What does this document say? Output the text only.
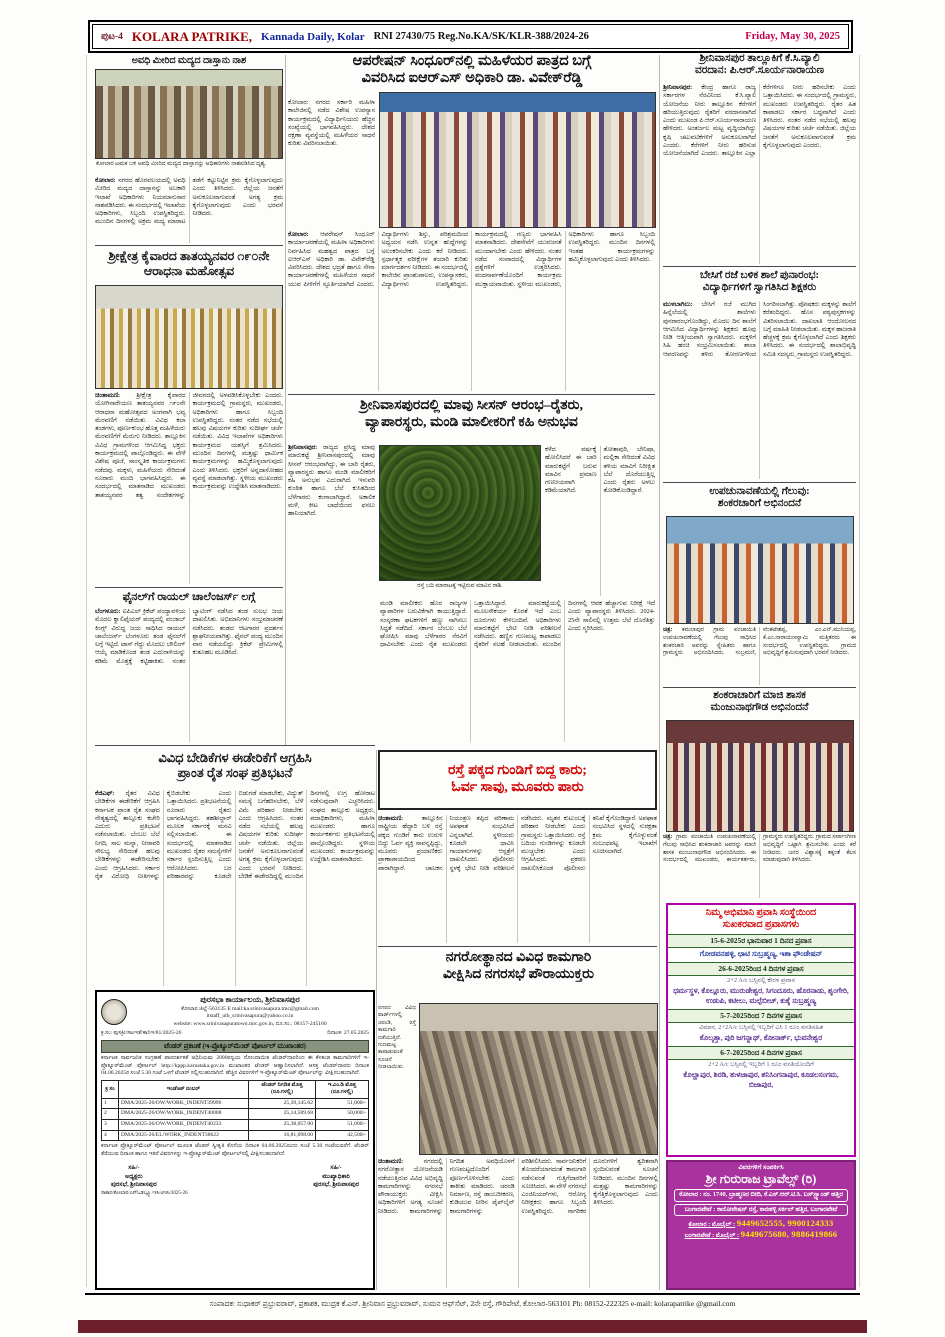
ಪುಟ-4 KOLARA PATRIKE, Kannada Daily, Kolar RNI 27430/75 Reg.No.KA/SK/KLR-388/2024-26	Friday, May 30, 2025
ಅವಧಿ ಮೀರಿದ ಮದ್ಯದ ದಾಸ್ತಾನು ನಾಶ
ಕೋಲಾರ ಟಮಕ ಬಳಿ ಅವಧಿ ಮೀರಿದ ಮದ್ಯದ ದಾಸ್ತಾನನ್ನು ಅಧಿಕಾರಿಗಳು ನಾಶಪಡಿಸಿದ ದೃಶ್ಯ.
ಕೋಲಾರ: ನಗರದ ಹೊರವಲಯದಲ್ಲಿ ಅವಧಿ ಮೀರಿದ ಮದ್ಯದ ದಾಸ್ತಾನನ್ನು ಅಬಕಾರಿ ಇಲಾಖೆ ಅಧಿಕಾರಿಗಳು ನಿಯಮಾನುಸಾರ ನಾಶಪಡಿಸಿದರು. ಈ ಸಂದರ್ಭದಲ್ಲಿ ಇಲಾಖೆಯ ಅಧಿಕಾರಿಗಳು, ಸಿಬ್ಬಂದಿ ಉಪಸ್ಥಿತರಿದ್ದರು. ಮುಂದಿನ ದಿನಗಳಲ್ಲಿ ಅಕ್ರಮ ಮದ್ಯ ಮಾರಾಟ ತಡೆಗೆ ಕಟ್ಟುನಿಟ್ಟಿನ ಕ್ರಮ ಕೈಗೊಳ್ಳಲಾಗುವುದು ಎಂದು ತಿಳಿಸಿದರು. ಜಿಲ್ಲೆಯ ಜನತೆಗೆ ಅನುಕೂಲವಾಗುವಂತೆ ಅಗತ್ಯ ಕ್ರಮ ಕೈಗೊಳ್ಳಲಾಗುವುದು ಎಂದು ಭರವಸೆ ನೀಡಿದರು.
ಶ್ರೀಕ್ಷೇತ್ರ ಕೈವಾರದ ತಾತಯ್ಯನವರ ೧೯೦ನೇ ಆರಾಧನಾ ಮಹೋತ್ಸವ
ಚಿಂತಾಮಣಿ: ಶ್ರೀಕ್ಷೇತ್ರ ಕೈವಾರದ ಯೋಗಿನಾರೇಯಣ ತಾತಯ್ಯನವರ ೧೯೦ನೇ ಆರಾಧನಾ ಮಹೋತ್ಸವದ ಅಂಗವಾಗಿ ಭವ್ಯ ಮೆರವಣಿಗೆ ನಡೆಯಿತು. ವಿವಿಧ ಕಲಾ ತಂಡಗಳು, ಪೂರ್ಣಕುಂಭ ಹೊತ್ತ ಮಹಿಳೆಯರು ಮೆರವಣಿಗೆಗೆ ಮೆರುಗು ನೀಡಿದರು. ತಾಲ್ಲೂಕಿನ ವಿವಿಧ ಗ್ರಾಮಗಳಿಂದ ಆಗಮಿಸಿದ್ದ ಭಕ್ತರು ಕಾರ್ಯಕ್ರಮದಲ್ಲಿ ಪಾಲ್ಗೊಂಡಿದ್ದರು. ಈ ವೇಳೆ ವಿಶೇಷ ಪೂಜೆ, ಸಾಂಸ್ಕೃತಿಕ ಕಾರ್ಯಕ್ರಮಗಳು ನಡೆದವು. ಮಕ್ಕಳು, ಮಹಿಳೆಯರು ಸೇರಿದಂತೆ ನೂರಾರು ಮಂದಿ ಭಾಗವಹಿಸಿದ್ದರು. ಈ ಸಂದರ್ಭದಲ್ಲಿ ಮಾತನಾಡಿದ ಮುಖಂಡರು ತಾತಯ್ಯನವರ ತತ್ವ ಸಂದೇಶಗಳನ್ನು ಜೀವನದಲ್ಲಿ ಅಳವಡಿಸಿಕೊಳ್ಳಬೇಕು ಎಂದರು. ಕಾರ್ಯಕ್ರಮದಲ್ಲಿ ಗ್ರಾಮಸ್ಥರು, ಮುಖಂಡರು, ಅಧಿಕಾರಿಗಳು ಹಾಗೂ ಸಿಬ್ಬಂದಿ ಉಪಸ್ಥಿತರಿದ್ದರು. ನಂತರ ನಡೆದ ಸಭೆಯಲ್ಲಿ ಹಲವು ವಿಷಯಗಳ ಕುರಿತು ಸುದೀರ್ಘ ಚರ್ಚೆ ನಡೆಯಿತು. ವಿವಿಧ ಇಲಾಖೆಗಳ ಅಧಿಕಾರಿಗಳು ಕಾರ್ಯಕ್ರಮದ ಯಶಸ್ಸಿಗೆ ಶ್ರಮಿಸಿದರು. ಮುಂದಿನ ದಿನಗಳಲ್ಲಿ ಮತ್ತಷ್ಟು ಧಾರ್ಮಿಕ ಕಾರ್ಯಕ್ರಮಗಳನ್ನು ಹಮ್ಮಿಕೊಳ್ಳಲಾಗುವುದು ಎಂದು ತಿಳಿಸಿದರು. ಭಕ್ತರಿಗೆ ಅನ್ನದಾಸೋಹದ ವ್ಯವಸ್ಥೆ ಮಾಡಲಾಗಿತ್ತು. ಸ್ಥಳೀಯ ಮುಖಂಡರು ಕಾರ್ಯಕ್ರಮವನ್ನು ಉದ್ದೇಶಿಸಿ ಮಾತನಾಡಿದರು.
ಫೈನಲ್‌ಗೆ ರಾಯಲ್ ಚಾಲೆಂಜರ್ಸ್ ಲಗ್ಗೆ
ಬೆಂಗಳೂರು: ಐಪಿಎಲ್ ಕ್ರಿಕೆಟ್ ಪಂದ್ಯಾವಳಿಯ ಮೊದಲ ಕ್ವಾಲಿಫೈಯರ್ ಪಂದ್ಯದಲ್ಲಿ ಪಂಜಾಬ್ ಕಿಂಗ್ಸ್ ವಿರುದ್ಧ ಜಯ ಸಾಧಿಸಿದ ರಾಯಲ್ ಚಾಲೆಂಜರ್ಸ್ ಬೆಂಗಳೂರು ತಂಡ ಫೈನಲ್‌ಗೆ ಲಗ್ಗೆ ಇಟ್ಟಿದೆ. ಟಾಸ್ ಗೆದ್ದು ಮೊದಲು ಬೌಲಿಂಗ್ ಆಯ್ಕೆ ಮಾಡಿಕೊಂಡ ತಂಡ ಎದುರಾಳಿಯನ್ನು ಕಡಿಮೆ ಮೊತ್ತಕ್ಕೆ ಕಟ್ಟಿಹಾಕಿತು. ನಂತರ ಬ್ಯಾಟಿಂಗ್ ನಡೆಸಿದ ತಂಡ ಸುಲಭ ಜಯ ದಾಖಲಿಸಿತು. ಅಭಿಮಾನಿಗಳು ಸಂಭ್ರಮಾಚರಣೆ ನಡೆಸಿದರು. ತಂಡದ ಆಟಗಾರರ ಪ್ರದರ್ಶನ ಶ್ಲಾಘನೀಯವಾಗಿತ್ತು. ಫೈನಲ್ ಪಂದ್ಯ ಮುಂದಿನ ವಾರ ನಡೆಯಲಿದ್ದು ಕ್ರಿಕೆಟ್ ಪ್ರೇಮಿಗಳಲ್ಲಿ ಕುತೂಹಲ ಮೂಡಿಸಿದೆ.
ವಿವಿಧ ಬೇಡಿಕೆಗಳ ಈಡೇರಿಕೆಗೆ ಆಗ್ರಹಿಸಿ
ಪ್ರಾಂತ ರೈತ ಸಂಘ ಪ್ರತಿಭಟನೆ
ಕೆಜಿಎಫ್: ರೈತರ ವಿವಿಧ ಬೇಡಿಕೆಗಳ ಈಡೇರಿಕೆಗೆ ಆಗ್ರಹಿಸಿ ಕರ್ನಾಟಕ ಪ್ರಾಂತ ರೈತ ಸಂಘದ ನೇತೃತ್ವದಲ್ಲಿ ತಾಲ್ಲೂಕು ಕಚೇರಿ ಎದುರು ಪ್ರತಿಭಟನೆ ನಡೆಸಲಾಯಿತು. ಬೆಂಬಲ ಬೆಲೆ ನಿಗದಿ, ಸಾಲ ಮನ್ನಾ, ನೀರಾವರಿ ಸೌಲಭ್ಯ ಸೇರಿದಂತೆ ಹಲವು ಬೇಡಿಕೆಗಳನ್ನು ಈಡೇರಿಸಬೇಕು ಎಂದು ಆಗ್ರಹಿಸಿದರು. ಸರ್ಕಾರ ರೈತ ವಿರೋಧಿ ನೀತಿಗಳನ್ನು ಕೈಬಿಡಬೇಕು ಎಂದು ಒತ್ತಾಯಿಸಿದರು. ಪ್ರತಿಭಟನೆಯಲ್ಲಿ ನೂರಾರು ರೈತರು ಭಾಗವಹಿಸಿದ್ದರು. ತಹಶೀಲ್ದಾರ್ ಮೂಲಕ ಸರ್ಕಾರಕ್ಕೆ ಮನವಿ ಸಲ್ಲಿಸಲಾಯಿತು. ಈ ಸಂದರ್ಭದಲ್ಲಿ ಮಾತನಾಡಿದ ಮುಖಂಡರು ರೈತರ ಸಮಸ್ಯೆಗಳಿಗೆ ಸರ್ಕಾರ ಸ್ಪಂದಿಸುತ್ತಿಲ್ಲ ಎಂದು ಆರೋಪಿಸಿದರು. ಬರ ಪರಿಹಾರವನ್ನು ಕೂಡಲೇ ಬಿಡುಗಡೆ ಮಾಡಬೇಕು, ವಿದ್ಯುತ್ ಸಮಸ್ಯೆ ಬಗೆಹರಿಸಬೇಕು, ಬೆಳೆ ವಿಮೆ ಪರಿಹಾರ ನೀಡಬೇಕು ಎಂದು ಆಗ್ರಹಿಸಿದರು. ನಂತರ ನಡೆದ ಸಭೆಯಲ್ಲಿ ಹಲವು ವಿಷಯಗಳ ಕುರಿತು ಸುದೀರ್ಘ ಚರ್ಚೆ ನಡೆಯಿತು. ಜಿಲ್ಲೆಯ ಜನತೆಗೆ ಅನುಕೂಲವಾಗುವಂತೆ ಅಗತ್ಯ ಕ್ರಮ ಕೈಗೊಳ್ಳಲಾಗುವುದು ಎಂದು ಭರವಸೆ ನೀಡಿದರು. ಬೇಡಿಕೆ ಈಡೇರದಿದ್ದಲ್ಲಿ ಮುಂದಿನ ದಿನಗಳಲ್ಲಿ ಉಗ್ರ ಹೋರಾಟ ನಡೆಸುವುದಾಗಿ ಎಚ್ಚರಿಸಿದರು. ಸಂಘದ ತಾಲ್ಲೂಕು ಅಧ್ಯಕ್ಷರು, ಪದಾಧಿಕಾರಿಗಳು, ಮಹಿಳಾ ಮುಖಂಡರು ಹಾಗೂ ಕಾರ್ಯಕರ್ತರು ಪ್ರತಿಭಟನೆಯಲ್ಲಿ ಪಾಲ್ಗೊಂಡಿದ್ದರು. ಸ್ಥಳೀಯ ಮುಖಂಡರು ಕಾರ್ಯಕ್ರಮವನ್ನು ಉದ್ದೇಶಿಸಿ ಮಾತನಾಡಿದರು.
ಪುರಸಭಾ ಕಾರ್ಯಾಲಯ, ಶ್ರೀನಿವಾಸಪುರ
ಕೋಲಾರ ಜಿಲ್ಲೆ-563135 E mail:ka.srinivasapura.tmc@gmail.com
itstaff_ulb_srinivasapura@yahoo.co.in
website: www.srinivasapuratown.mrc.gov.in, ದೂ.ಸಂ.: 08157-245160
ಕ್ರ.ಸಂ: ಪುಸಕ್ರೀ/ಸಾಂಇತೆ/ಕಾನಿಇ/81/2025-26	ದಿನಾಂಕ: 27.05.2025
ಟೆಂಡರ್ ಪ್ರಕಟಣೆ (ಇ-ಪ್ರೊಕ್ಯೂರ್‌ಮೆಂಟ್ ಪೋರ್ಟಲ್ ಮುಖಾಂತರ)
ಕರ್ನಾಟಕ ಸಾರ್ವಜನಿಕ ಸಂಗ್ರಹಣೆ ಪಾರದರ್ಶಕತೆ ಅಧಿನಿಯಮ 2000ರನ್ವಯ ನೋಂದಾಯಿತ ಟೆಂಡರ್‌ದಾರರಿಂದ ಈ ಕೆಳಕಂಡ ಕಾಮಗಾರಿಗಳಿಗೆ ಇ-ಪ್ರೊಕ್ಯೂರ್‌ಮೆಂಟ್ ಪೋರ್ಟಲ್ http://kppp.karnataka.gov.in ಮುಖಾಂತರ ಟೆಂಡರ್ ಆಹ್ವಾನಿಸಲಾಗಿದೆ. ಆಸಕ್ತ ಟೆಂಡರ್‌ದಾರರು ದಿನಾಂಕ 04.06.2025ರ ಸಂಜೆ 5.30 ಗಂಟೆ ಒಳಗೆ ಟೆಂಡರ್ ಸಲ್ಲಿಸಬಹುದಾಗಿದೆ. ಹೆಚ್ಚಿನ ವಿವರಗಳಿಗೆ ಇ-ಪ್ರೊಕ್ಯೂರ್‌ಮೆಂಟ್ ಪೋರ್ಟಲ್‌ನ್ನು ವೀಕ್ಷಿಸಬಹುದಾಗಿದೆ.
ಕ್ರ ಸಂ	ಇಂಡೆಂಟ್ ನಂಬರ್	ಟೆಂಡರ್ ನಿಗದಿತ ಮೊತ್ತ (ರೂ.ಗಳಲ್ಲಿ)	ಇ.ಎಂ.ಡಿ ಮೊತ್ತ (ರೂ.ಗಳಲ್ಲಿ)
1	DMA/2025-26/OW/WORK_INDENT39996	25,39,145.62	51,000/-
2	DMA/2025-26/OW/WORK_INDENT40008	25,14,589.68	50,000/-
3	DMA/2025-26/OW/WORK_INDENT40233	25,38,057.00	51,000/-
4	DMA/2025-26/EL/WORK_INDENT38622	16,81,098.00	42,500/-
ಕರ್ನಾಟಕ ಪ್ರೊಕ್ಯೂರ್‌ಮೆಂಟ್ ಪೋರ್ಟಲ್ ಮೂಲಕ ಟೆಂಡರ್ ಸ್ವೀಕೃತಿ ಕೊನೆಯ ದಿನಾಂಕ 04.06.2025ರಂದು ಸಂಜೆ 5.30 ಗಂಟೆಯವರೆಗೆ. ಟೆಂಡರ್ ತೆರೆಯುವ ದಿನಾಂಕ ಹಾಗೂ ಇತರೆ ವಿವರಗಳನ್ನು ಇ-ಪ್ರೊಕ್ಯೂರ್‌ಮೆಂಟ್ ಪೋರ್ಟಲ್‌ನಲ್ಲಿ ವೀಕ್ಷಿಸಬಹುದಾಗಿದೆ.
ಸಹಿ/-
ಅಧ್ಯಕ್ಷರು
ಪುರಸಭೆ, ಶ್ರೀನಿವಾಸಪುರ
ಸಹಿ/-
ಮುಖ್ಯಾಧಿಕಾರಿ
ಪುರಸಭೆ, ಶ್ರೀನಿವಾಸಪುರ
ಸಾಕಾರ/ಕೋಲಾರ/ಎಸ್‌ಓಡಬ್ಲ್ಯೂ/ಇಸಿ/ಟಿಇಸಿ/2025-26
ಆಪರೇಷನ್ ಸಿಂಧೂರ್‌ನಲ್ಲಿ ಮಹಿಳೆಯರ ಪಾತ್ರದ ಬಗ್ಗೆ
ವಿವರಿಸಿದ ಐಆರ್‌ಎಸ್ ಅಧಿಕಾರಿ ಡಾ. ವಿವೇಕ್‌ರೆಡ್ಡಿ
ಕೋಲಾರ: ನಗರದ ಸರ್ಕಾರಿ ಮಹಿಳಾ ಕಾಲೇಜಿನಲ್ಲಿ ನಡೆದ ವಿಶೇಷ ಉಪನ್ಯಾಸ ಕಾರ್ಯಕ್ರಮದಲ್ಲಿ ವಿದ್ಯಾರ್ಥಿನಿಯರು ಹೆಚ್ಚಿನ ಸಂಖ್ಯೆಯಲ್ಲಿ ಭಾಗವಹಿಸಿದ್ದರು. ದೇಶದ ರಕ್ಷಣಾ ವ್ಯವಸ್ಥೆಯಲ್ಲಿ ಮಹಿಳೆಯರ ಸಾಧನೆ ಕುರಿತು ವಿವರಿಸಲಾಯಿತು.
ಕೋಲಾರ: ಆಪರೇಷನ್ ಸಿಂಧೂರ್ ಕಾರ್ಯಾಚರಣೆಯಲ್ಲಿ ಮಹಿಳಾ ಅಧಿಕಾರಿಗಳು ನಿರ್ವಹಿಸಿದ ಮಹತ್ವದ ಪಾತ್ರದ ಬಗ್ಗೆ ಐಆರ್‌ಎಸ್ ಅಧಿಕಾರಿ ಡಾ. ವಿವೇಕ್‌ರೆಡ್ಡಿ ವಿವರಿಸಿದರು. ದೇಶದ ಭದ್ರತೆ ಹಾಗೂ ಸೇನಾ ಕಾರ್ಯಾಚರಣೆಗಳಲ್ಲಿ ಮಹಿಳೆಯರ ಸಾಧನೆ ಯುವ ಪೀಳಿಗೆಗೆ ಸ್ಫೂರ್ತಿಯಾಗಿದೆ ಎಂದರು. ವಿದ್ಯಾರ್ಥಿಗಳು ಶಿಸ್ತು, ಪರಿಶ್ರಮದಿಂದ ಅಧ್ಯಯನ ನಡೆಸಿ ಉನ್ನತ ಹುದ್ದೆಗಳನ್ನು ಅಲಂಕರಿಸಬೇಕು ಎಂದು ಕರೆ ನೀಡಿದರು. ಸ್ಪರ್ಧಾತ್ಮಕ ಪರೀಕ್ಷೆಗಳ ತಯಾರಿ ಕುರಿತು ಮಾರ್ಗದರ್ಶನ ನೀಡಿದರು. ಈ ಸಂದರ್ಭದಲ್ಲಿ ಕಾಲೇಜಿನ ಪ್ರಾಂಶುಪಾಲರು, ಉಪನ್ಯಾಸಕರು, ವಿದ್ಯಾರ್ಥಿಗಳು ಉಪಸ್ಥಿತರಿದ್ದರು. ಕಾರ್ಯಕ್ರಮದಲ್ಲಿ ಗಣ್ಯರು ಭಾಗವಹಿಸಿ ಮಾತನಾಡಿದರು. ದೇಶಸೇವೆಗೆ ಯುವಜನತೆ ಮುಂದಾಗಬೇಕು ಎಂದು ಹೇಳಿದರು. ನಂತರ ನಡೆದ ಸಂವಾದದಲ್ಲಿ ವಿದ್ಯಾರ್ಥಿಗಳ ಪ್ರಶ್ನೆಗಳಿಗೆ ಉತ್ತರಿಸಿದರು. ವಂದನಾರ್ಪಣೆಯೊಂದಿಗೆ ಕಾರ್ಯಕ್ರಮ ಮುಕ್ತಾಯವಾಯಿತು. ಸ್ಥಳೀಯ ಮುಖಂಡರು, ಅಧಿಕಾರಿಗಳು ಹಾಗೂ ಸಿಬ್ಬಂದಿ ಉಪಸ್ಥಿತರಿದ್ದರು. ಮುಂದಿನ ದಿನಗಳಲ್ಲಿ ಇಂತಹ ಕಾರ್ಯಕ್ರಮಗಳನ್ನು ಹಮ್ಮಿಕೊಳ್ಳಲಾಗುವುದು ಎಂದು ತಿಳಿಸಿದರು.
ಶ್ರೀನಿವಾಸಪುರದಲ್ಲಿ ಮಾವು ಸೀಸನ್ ಆರಂಭ–ರೈತರು,
ವ್ಯಾಪಾರಸ್ಥರು, ಮಂಡಿ ಮಾಲೀಕರಿಗೆ ಕಹಿ ಅನುಭವ
ಶ್ರೀನಿವಾಸಪುರ: ರಾಜ್ಯದ ಪ್ರಸಿದ್ಧ ಮಾವು ಮಾರುಕಟ್ಟೆ ಶ್ರೀನಿವಾಸಪುರದಲ್ಲಿ ಮಾವು ಸೀಸನ್ ಆರಂಭವಾಗಿದ್ದು, ಈ ಬಾರಿ ರೈತರು, ವ್ಯಾಪಾರಸ್ಥರು ಹಾಗೂ ಮಂಡಿ ಮಾಲೀಕರಿಗೆ ಕಹಿ ಅನುಭವ ಎದುರಾಗಿದೆ. ಇಳುವರಿ ಕುಂಠಿತ ಹಾಗೂ ಬೆಲೆ ಕುಸಿತದಿಂದ ಬೆಳೆಗಾರರು ಕಂಗಾಲಾಗಿದ್ದಾರೆ. ಅಕಾಲಿಕ ಮಳೆ, ಕೀಟ ಬಾಧೆಯಿಂದ ಫಸಲು ಹಾನಿಯಾಗಿದೆ.
ರಸ್ತೆ ಬದಿ ಮಾರಾಟಕ್ಕೆ ಇಟ್ಟಿರುವ ಮಾವಿನ ರಾಶಿ.
ಕಳೆದ ವರ್ಷಕ್ಕೆ ಹೋಲಿಸಿದರೆ ಈ ಬಾರಿ ಮಾರುಕಟ್ಟೆಗೆ ಬರುವ ಮಾವಿನ ಪ್ರಮಾಣ ಗಣನೀಯವಾಗಿ ಕಡಿಮೆಯಾಗಿದೆ. ತೋತಾಪುರಿ, ಬೇನಿಷಾ, ಮಲ್ಲಿಕಾ ಸೇರಿದಂತೆ ವಿವಿಧ ತಳಿಯ ಮಾವಿಗೆ ನಿರೀಕ್ಷಿತ ಬೆಲೆ ದೊರೆಯುತ್ತಿಲ್ಲ ಎಂದು ರೈತರು ಅಳಲು ತೋಡಿಕೊಂಡಿದ್ದಾರೆ.
ಮಂಡಿ ಮಾಲೀಕರು ಹೊರ ರಾಜ್ಯಗಳ ವ್ಯಾಪಾರಿಗಳ ಬರುವಿಕೆಗಾಗಿ ಕಾಯುತ್ತಿದ್ದಾರೆ. ಸಂಸ್ಕರಣಾ ಘಟಕಗಳಿಗೆ ಹಣ್ಣು ಸಾಗಿಸಲು ಸಿದ್ಧತೆ ನಡೆದಿದೆ. ಸರ್ಕಾರ ಬೆಂಬಲ ಬೆಲೆ ಘೋಷಿಸಿ ಮಾವು ಬೆಳೆಗಾರರ ನೆರವಿಗೆ ಧಾವಿಸಬೇಕು ಎಂದು ರೈತ ಮುಖಂಡರು ಒತ್ತಾಯಿಸಿದ್ದಾರೆ. ಮಾರುಕಟ್ಟೆಯಲ್ಲಿ ಮೂಲಸೌಕರ್ಯ ಕೊರತೆ ಇದೆ ಎಂಬ ದೂರುಗಳು ಕೇಳಿಬಂದಿವೆ. ಅಧಿಕಾರಿಗಳು ಮಾರುಕಟ್ಟೆಗೆ ಭೇಟಿ ನೀಡಿ ಪರಿಶೀಲನೆ ನಡೆಸಿದರು. ಹಣ್ಣಿನ ಗುಣಮಟ್ಟ ಕಾಪಾಡಲು ರೈತರಿಗೆ ಸಲಹೆ ನೀಡಲಾಯಿತು. ಮುಂದಿನ ದಿನಗಳಲ್ಲಿ ಆವಕ ಹೆಚ್ಚಾಗುವ ನಿರೀಕ್ಷೆ ಇದೆ ಎಂದು ವ್ಯಾಪಾರಸ್ಥರು ತಿಳಿಸಿದರು. 2024-25ನೇ ಸಾಲಿನಲ್ಲಿ ಉತ್ತಮ ಬೆಲೆ ದೊರೆತಿತ್ತು ಎಂದು ಸ್ಮರಿಸಿದರು.
ರಸ್ತೆ ಪಕ್ಕದ ಗುಂಡಿಗೆ ಬಿದ್ದ ಕಾರು;
ಓರ್ವ ಸಾವು, ಮೂವರು ಪಾರು
ಚಿಂತಾಮಣಿ: ತಾಲ್ಲೂಕಿನ ರಾಷ್ಟ್ರೀಯ ಹೆದ್ದಾರಿ ಬಳಿ ರಸ್ತೆ ಪಕ್ಕದ ಗುಂಡಿಗೆ ಕಾರು ಉರುಳಿ ಬಿದ್ದು ಓರ್ವ ವ್ಯಕ್ತಿ ಸಾವನ್ನಪ್ಪಿದ್ದು, ಮೂವರು ಪ್ರಯಾಣಿಕರು ಪ್ರಾಣಾಪಾಯದಿಂದ ಪಾರಾಗಿದ್ದಾರೆ. ಚಾಲಕನ ನಿಯಂತ್ರಣ ತಪ್ಪಿದ ಪರಿಣಾಮ ಅಪಘಾತ ಸಂಭವಿಸಿದೆ ಎನ್ನಲಾಗಿದೆ. ಸ್ಥಳೀಯರು ಕೂಡಲೇ ಧಾವಿಸಿ ಗಾಯಾಳುಗಳನ್ನು ಆಸ್ಪತ್ರೆಗೆ ದಾಖಲಿಸಿದರು. ಪೊಲೀಸರು ಸ್ಥಳಕ್ಕೆ ಭೇಟಿ ನೀಡಿ ಪರಿಶೀಲನೆ ನಡೆಸಿದರು. ಮೃತರ ಕುಟುಂಬಕ್ಕೆ ಪರಿಹಾರ ನೀಡಬೇಕು ಎಂದು ಗ್ರಾಮಸ್ಥರು ಒತ್ತಾಯಿಸಿದರು. ರಸ್ತೆ ಬದಿಯ ಗುಂಡಿಗಳನ್ನು ಕೂಡಲೇ ಮುಚ್ಚಬೇಕು ಎಂದು ಆಗ್ರಹಿಸಿದರು. ಪ್ರಕರಣ ದಾಖಲಿಸಿಕೊಂಡ ಪೊಲೀಸರು ತನಿಖೆ ಕೈಗೊಂಡಿದ್ದಾರೆ. ಅಪಘಾತ ಸಂಭವಿಸಿದ ಸ್ಥಳದಲ್ಲಿ ಸುರಕ್ಷತಾ ಕ್ರಮ ಕೈಗೊಳ್ಳುವಂತೆ ಸಂಬಂಧಪಟ್ಟ ಇಲಾಖೆಗೆ ಸೂಚಿಸಲಾಗಿದೆ.
ನಗರೋತ್ಥಾನದ ವಿವಿಧ ಕಾಮಗಾರಿ
ವೀಕ್ಷಿಸಿದ ನಗರಸಭೆ ಪೌರಾಯುಕ್ತರು
ನಗರದ ವಿವಿಧ ವಾರ್ಡ್‌ಗಳಲ್ಲಿ ಚರಂಡಿ, ರಸ್ತೆ ಕಾಮಗಾರಿ ನಡೆಯುತ್ತಿದೆ. ಗುಣಮಟ್ಟ ಕಾಪಾಡುವಂತೆ ಸೂಚನೆ ನೀಡಲಾಯಿತು.
ಚಿಂತಾಮಣಿ: ನಗರದಲ್ಲಿ ನಗರೋತ್ಥಾನ ಯೋಜನೆಯಡಿ ನಡೆಯುತ್ತಿರುವ ವಿವಿಧ ಅಭಿವೃದ್ಧಿ ಕಾಮಗಾರಿಗಳನ್ನು ನಗರಸಭೆ ಪೌರಾಯುಕ್ತರು ವೀಕ್ಷಿಸಿ ಅಧಿಕಾರಿಗಳಿಗೆ ಅಗತ್ಯ ಸೂಚನೆ ನೀಡಿದರು. ಕಾಮಗಾರಿಗಳನ್ನು ನಿಗದಿತ ಅವಧಿಯೊಳಗೆ ಗುಣಮಟ್ಟದೊಂದಿಗೆ ಪೂರ್ಣಗೊಳಿಸಬೇಕು ಎಂದು ತಾಕೀತು ಮಾಡಿದರು. ಚರಂಡಿ ನಿರ್ಮಾಣ, ರಸ್ತೆ ಡಾಂಬರೀಕರಣ, ಕುಡಿಯುವ ನೀರಿನ ಪೈಪ್‌ಲೈನ್ ಕಾಮಗಾರಿಗಳನ್ನು ಪರಿಶೀಲಿಸಿದರು. ಸಾರ್ವಜನಿಕರಿಗೆ ತೊಂದರೆಯಾಗದಂತೆ ಕಾಮಗಾರಿ ನಡೆಸುವಂತೆ ಗುತ್ತಿಗೆದಾರರಿಗೆ ಸೂಚಿಸಿದರು. ಈ ವೇಳೆ ನಗರಸಭೆ ಎಂಜಿನಿಯರ್‌ಗಳು, ಆರೋಗ್ಯ ನಿರೀಕ್ಷಕರು ಹಾಗೂ ಸಿಬ್ಬಂದಿ ಉಪಸ್ಥಿತರಿದ್ದರು. ನಾಗರಿಕರ ದೂರುಗಳಿಗೆ ತ್ವರಿತವಾಗಿ ಸ್ಪಂದಿಸುವಂತೆ ಸೂಚನೆ ನೀಡಿದರು. ಮುಂದಿನ ದಿನಗಳಲ್ಲಿ ಮತ್ತಷ್ಟು ಕಾಮಗಾರಿಗಳನ್ನು ಕೈಗೆತ್ತಿಕೊಳ್ಳಲಾಗುವುದು ಎಂದು ತಿಳಿಸಿದರು.
ಶ್ರೀನಿವಾಸಪುರ ತಾಲ್ಲೂಕಿಗೆ ಕೆ.ಸಿ.ವ್ಯಾಲಿ
ವರದಾನ: ಪಿ.ಆರ್.ಸೂರ್ಯನಾರಾಯಣ
ಶ್ರೀನಿವಾಸಪುರ: ಕೇಂದ್ರ ಹಾಗೂ ರಾಜ್ಯ ಸರ್ಕಾರಗಳ ನೆರವಿನಿಂದ ಕೆ.ಸಿ.ವ್ಯಾಲಿ ಯೋಜನೆಯ ನೀರು ತಾಲ್ಲೂಕಿನ ಕೆರೆಗಳಿಗೆ ಹರಿಯುತ್ತಿರುವುದು ರೈತರಿಗೆ ವರದಾನವಾಗಿದೆ ಎಂದು ಮುಖಂಡ ಪಿ.ಆರ್.ಸೂರ್ಯನಾರಾಯಣ ಹೇಳಿದರು. ಅಂತರ್ಜಲ ಮಟ್ಟ ವೃದ್ಧಿಯಾಗಿದ್ದು ಕೃಷಿ ಚಟುವಟಿಕೆಗಳಿಗೆ ಅನುಕೂಲವಾಗಿದೆ ಎಂದರು. ಕೆರೆಗಳಿಗೆ ನೀರು ಹರಿಸುವ ಯೋಜನೆಯಾಗಿದೆ ಎಂದರು. ತಾಲ್ಲೂಕಿನ ಎಲ್ಲಾ ಕೆರೆಗಳಿಗೂ ನೀರು ಹರಿಸಬೇಕು ಎಂದು ಒತ್ತಾಯಿಸಿದರು. ಈ ಸಂದರ್ಭದಲ್ಲಿ ಗ್ರಾಮಸ್ಥರು, ಮುಖಂಡರು ಉಪಸ್ಥಿತರಿದ್ದರು. ರೈತರ ಹಿತ ಕಾಪಾಡಲು ಸರ್ಕಾರ ಬದ್ಧವಾಗಿದೆ ಎಂದು ತಿಳಿಸಿದರು. ನಂತರ ನಡೆದ ಸಭೆಯಲ್ಲಿ ಹಲವು ವಿಷಯಗಳ ಕುರಿತು ಚರ್ಚೆ ನಡೆಯಿತು. ಜಿಲ್ಲೆಯ ಜನತೆಗೆ ಅನುಕೂಲವಾಗುವಂತೆ ಕ್ರಮ ಕೈಗೊಳ್ಳಲಾಗುವುದು ಎಂದರು.
ಬೇಸಿಗೆ ರಜೆ ಬಳಿಕ ಶಾಲೆ ಪುನಾರಂಭ:
ವಿದ್ಯಾರ್ಥಿಗಳಿಗೆ ಸ್ವಾಗತಿಸಿದ ಶಿಕ್ಷಕರು
ಮುಳಬಾಗಿಲು: ಬೇಸಿಗೆ ರಜೆ ಮುಗಿದ ಹಿನ್ನೆಲೆಯಲ್ಲಿ ಶಾಲೆಗಳು ಪುನರಾರಂಭಗೊಂಡಿದ್ದು, ಮೊದಲ ದಿನ ಶಾಲೆಗೆ ಆಗಮಿಸಿದ ವಿದ್ಯಾರ್ಥಿಗಳನ್ನು ಶಿಕ್ಷಕರು ಹೂವು ನೀಡಿ ಆತ್ಮೀಯವಾಗಿ ಸ್ವಾಗತಿಸಿದರು. ಮಕ್ಕಳಿಗೆ ಸಿಹಿ ಹಂಚಿ ಸಂಭ್ರಮಿಸಲಾಯಿತು. ಶಾಲಾ ಆವರಣವನ್ನು ತಳಿರು ತೋರಣಗಳಿಂದ ಸಿಂಗರಿಸಲಾಗಿತ್ತು. ಪೋಷಕರು ಮಕ್ಕಳನ್ನು ಶಾಲೆಗೆ ಕರೆತಂದಿದ್ದರು. ಹೊಸ ಪಠ್ಯಪುಸ್ತಕಗಳನ್ನು ವಿತರಿಸಲಾಯಿತು. ದಾಖಲಾತಿ ಆಂದೋಲನದ ಬಗ್ಗೆ ಮಾಹಿತಿ ನೀಡಲಾಯಿತು. ಮಕ್ಕಳ ಹಾಜರಾತಿ ಹೆಚ್ಚಳಕ್ಕೆ ಕ್ರಮ ಕೈಗೊಳ್ಳಲಾಗಿದೆ ಎಂದು ಶಿಕ್ಷಕರು ತಿಳಿಸಿದರು. ಈ ಸಂದರ್ಭದಲ್ಲಿ ಶಾಲಾಭಿವೃದ್ಧಿ ಸಮಿತಿ ಸದಸ್ಯರು, ಗ್ರಾಮಸ್ಥರು ಉಪಸ್ಥಿತರಿದ್ದರು.
ಉಪಚುನಾವಣೆಯಲ್ಲಿ ಗೆಲುವು:
ಶಂಕರಚಾರಿಗೆ ಅಭಿನಂದನೆ
ಚಿತ್ರ: ಕಮಲಾಪುರ ಗ್ರಾಮ ಪಂಚಾಯಿತಿ ಉಪಚುನಾವಣೆಯಲ್ಲಿ ಗೆಲುವು ಸಾಧಿಸಿದ ಶಂಕರಚಾರಿ ಅವರನ್ನು ಸ್ನೇಹಿತರು ಹಾಗೂ ಗ್ರಾಮಸ್ಥರು ಅಭಿನಂದಿಸಿದರು. ಸುಬ್ರಮಣಿ, ವೆಂಕಟೇಶಪ್ಪ, ಎಂ.ಎನ್.ಮುನಿಯಪ್ಪ, ಕೆ.ಎಂ.ನಾರಾಯಣಸ್ವಾಮಿ ಮತ್ತಿತರರು ಈ ಸಂದರ್ಭದಲ್ಲಿ ಉಪಸ್ಥಿತರಿದ್ದರು. ಗ್ರಾಮದ ಅಭಿವೃದ್ಧಿಗೆ ಶ್ರಮಿಸುವುದಾಗಿ ಭರವಸೆ ನೀಡಿದರು.
ಶಂಕರಾಚಾರಿಗೆ ಮಾಜಿ ಶಾಸಕ
ಮಂಜುನಾಥಗೌಡ ಅಭಿನಂದನೆ
ಚಿತ್ರ: ಗ್ರಾಮ ಪಂಚಾಯಿತಿ ಉಪಚುನಾವಣೆಯಲ್ಲಿ ಗೆಲುವು ಸಾಧಿಸಿದ ಶಂಕರಾಚಾರಿ ಅವರನ್ನು ಮಾಜಿ ಶಾಸಕ ಮಂಜುನಾಥಗೌಡ ಅಭಿನಂದಿಸಿದರು. ಈ ಸಂದರ್ಭದಲ್ಲಿ ಮುಖಂಡರು, ಕಾರ್ಯಕರ್ತರು, ಗ್ರಾಮಸ್ಥರು ಉಪಸ್ಥಿತರಿದ್ದರು. ಗ್ರಾಮದ ಸರ್ವಾಂಗೀಣ ಅಭಿವೃದ್ಧಿಗೆ ಒಟ್ಟಾಗಿ ಶ್ರಮಿಸಬೇಕು ಎಂದು ಕರೆ ನೀಡಿದರು. ಜನರ ವಿಶ್ವಾಸಕ್ಕೆ ತಕ್ಕಂತೆ ಕೆಲಸ ಮಾಡುವುದಾಗಿ ತಿಳಿಸಿದರು.
ನಿಮ್ಮ ಅಭಿಮಾನಿ ಪ್ರವಾಸಿ ಸಂಸ್ಥೆಯಿಂದ
ಸುಖಕರವಾದ ಪ್ರವಾಸಗಳು
15-6-2025ರ ಭಾನುವಾರ 1 ದಿನದ ಪ್ರವಾಸ
ಗೋಡವನಹಳ್ಳಿ, ಛಾಟಿ ಸುಬ್ರಹ್ಮಣ್ಯ, ಇಶಾ ಫೌಂಡೇಷನ್
26-6-2025ರಿಂದ 4 ದಿನಗಳ ಪ್ರವಾಸ
2+2 A/c ಬಸ್ಸಿನಲ್ಲಿ ಕೇರಳ ಪ್ರವಾಸ
ಧರ್ಮಸ್ಥಳ, ಕೊಲ್ಲೂರು, ಮುರುಡೇಶ್ವರ, ಸಿಗಂದೂರು, ಹೊರನಾಡು, ಶೃಂಗೇರಿ, ಉಡುಪಿ, ಕಟೀಲು, ಮಲ್ಪೆಬೀಚ್, ಕುಕ್ಕೆ ಸುಬ್ರಹ್ಮಣ್ಯ
5-7-2025ರಿಂದ 7 ದಿನಗಳ ಪ್ರವಾಸ
ವಿಮಾನ, 2+2A/c ಬಸ್ಸಿನಲ್ಲಿ ಇಬ್ಬರಿಗೆ ಎಸಿ 1 ರೂಂ ವಸತಿಸಹಿತ
ಕೊಲ್ಕತ್ತಾ, ಪುರಿ ಜಗನ್ನಾಥ್, ಕೋನಾರ್ಕ್, ಭುವನೇಶ್ವರ
6-7-2025ರಿಂದ 4 ದಿನಗಳ ಪ್ರವಾಸ
2+2 A/c ಬಸ್ಸಿನಲ್ಲಿ ಇಬ್ಬರಿಗೆ 1 ರೂಂ ವಸತಿಯೊಂದಿಗೆ
ಕೊಲ್ಹಾಪುರ, ಶಿರಡಿ, ತುಳಜಾಪುರ, ಶನಿಸಿಂಗನಾಪುರ, ಕೂಡಲಸಂಗಮ, ಬಿಜಾಪುರ,
ವಿವರಗಳಿಗೆ ಸಂಪರ್ಕಿಸಿ
ಶ್ರೀ ಗುರುರಾಜ ಟ್ರಾವೆಲ್ಸ್ (ರಿ)
ಕೋಲಾರ : ನಂ. 1740, ಬ್ರಾಹ್ಮಣರ ಬೀದಿ, ಕೆ.ಎಸ್.ಆರ್.ಟಿ.ಸಿ. ಬಸ್‌ಸ್ಟ್ಯಾಂಡ್ ಹತ್ತಿರ
ಬಂಗಾರಪೇಟೆ : ಕಾರೋನೇಷನ್ ರಸ್ತೆ, ಕಾರಹಳ್ಳಿ ಸರ್ಕಲ್ ಹತ್ತಿರ, ಬಂಗಾರಪೇಟೆ
ಕೋಲಾರ : ಮೊಬೈಲ್ : 9449652555, 9900124333
ಬಂಗಾರಪೇಟೆ : ಮೊಬೈಲ್ : 9449675680, 9886419866
ಸಂಪಾದಕ: ಸುಧಾಕರ್ ಪ್ರಭ್ರುವರಾವ್, ಪ್ರಕಾಶಕ, ಮುದ್ರಕ ಕೆ.ಎನ್. ಶ್ರೀನಿವಾಸ ಪ್ರಭ್ರುವರಾವ್, ಸುಮನ ಆಫ್‌ಸೆಟ್, 2ನೇ ರಸ್ತೆ, ಗೌರಿಪೇಟೆ, ಕೋಲಾರ-563101 Ph: 08152-222325 e-mail: kolarapatrike @gmail.com
